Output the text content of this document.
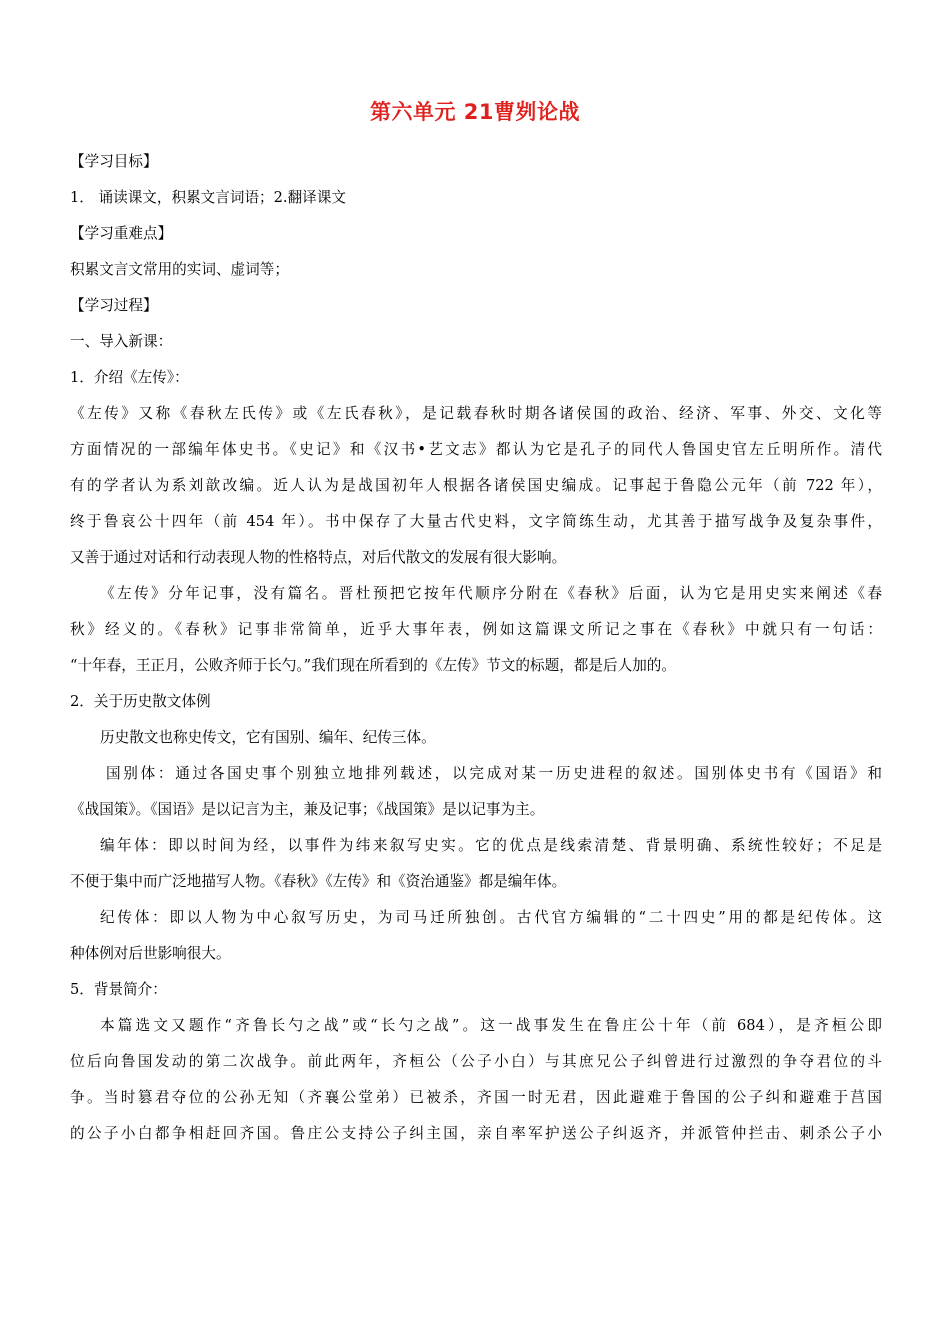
第六单元 21曹刿论战
【学习目标】
1． 诵读课文，积累文言词语；2.翻译课文
【学习重难点】
积累文言文常用的实词、虚词等；
【学习过程】
一、导入新课：
1．介绍《左传》：
《左传》又称《春秋左氏传》或《左氏春秋》，是记载春秋时期各诸侯国的政治、经济、军事、外交、文化等
方面情况的一部编年体史书。《史记》和《汉书•艺文志》都认为它是孔子的同代人鲁国史官左丘明所作。清代
有的学者认为系刘歆改编。近人认为是战国初年人根据各诸侯国史编成。记事起于鲁隐公元年（前 722 年），
终于鲁哀公十四年（前 454 年）。书中保存了大量古代史料，文字简练生动，尤其善于描写战争及复杂事件，
又善于通过对话和行动表现人物的性格特点，对后代散文的发展有很大影响。
《左传》分年记事，没有篇名。晋杜预把它按年代顺序分附在《春秋》后面，认为它是用史实来阐述《春
秋》经义的。《春秋》记事非常简单，近乎大事年表，例如这篇课文所记之事在《春秋》中就只有一句话：
“十年春，王正月，公败齐师于长勺。”我们现在所看到的《左传》节文的标题，都是后人加的。
2．关于历史散文体例
历史散文也称史传文，它有国别、编年、纪传三体。
国别体：通过各国史事个别独立地排列载述，以完成对某一历史进程的叙述。国别体史书有《国语》和
《战国策》。《国语》是以记言为主，兼及记事；《战国策》是以记事为主。
编年体：即以时间为经，以事件为纬来叙写史实。它的优点是线索清楚、背景明确、系统性较好；不足是
不便于集中而广泛地描写人物。《春秋》《左传》和《资治通鉴》都是编年体。
纪传体：即以人物为中心叙写历史，为司马迁所独创。古代官方编辑的“二十四史”用的都是纪传体。这
种体例对后世影响很大。
5．背景简介：
本篇选文又题作“齐鲁长勺之战”或“长勺之战”。这一战事发生在鲁庄公十年（前 684），是齐桓公即
位后向鲁国发动的第二次战争。前此两年，齐桓公（公子小白）与其庶兄公子纠曾进行过激烈的争夺君位的斗
争。当时篡君夺位的公孙无知（齐襄公堂弟）已被杀，齐国一时无君，因此避难于鲁国的公子纠和避难于莒国
的公子小白都争相赶回齐国。鲁庄公支持公子纠主国，亲自率军护送公子纠返齐，并派管仲拦击、刺杀公子小
